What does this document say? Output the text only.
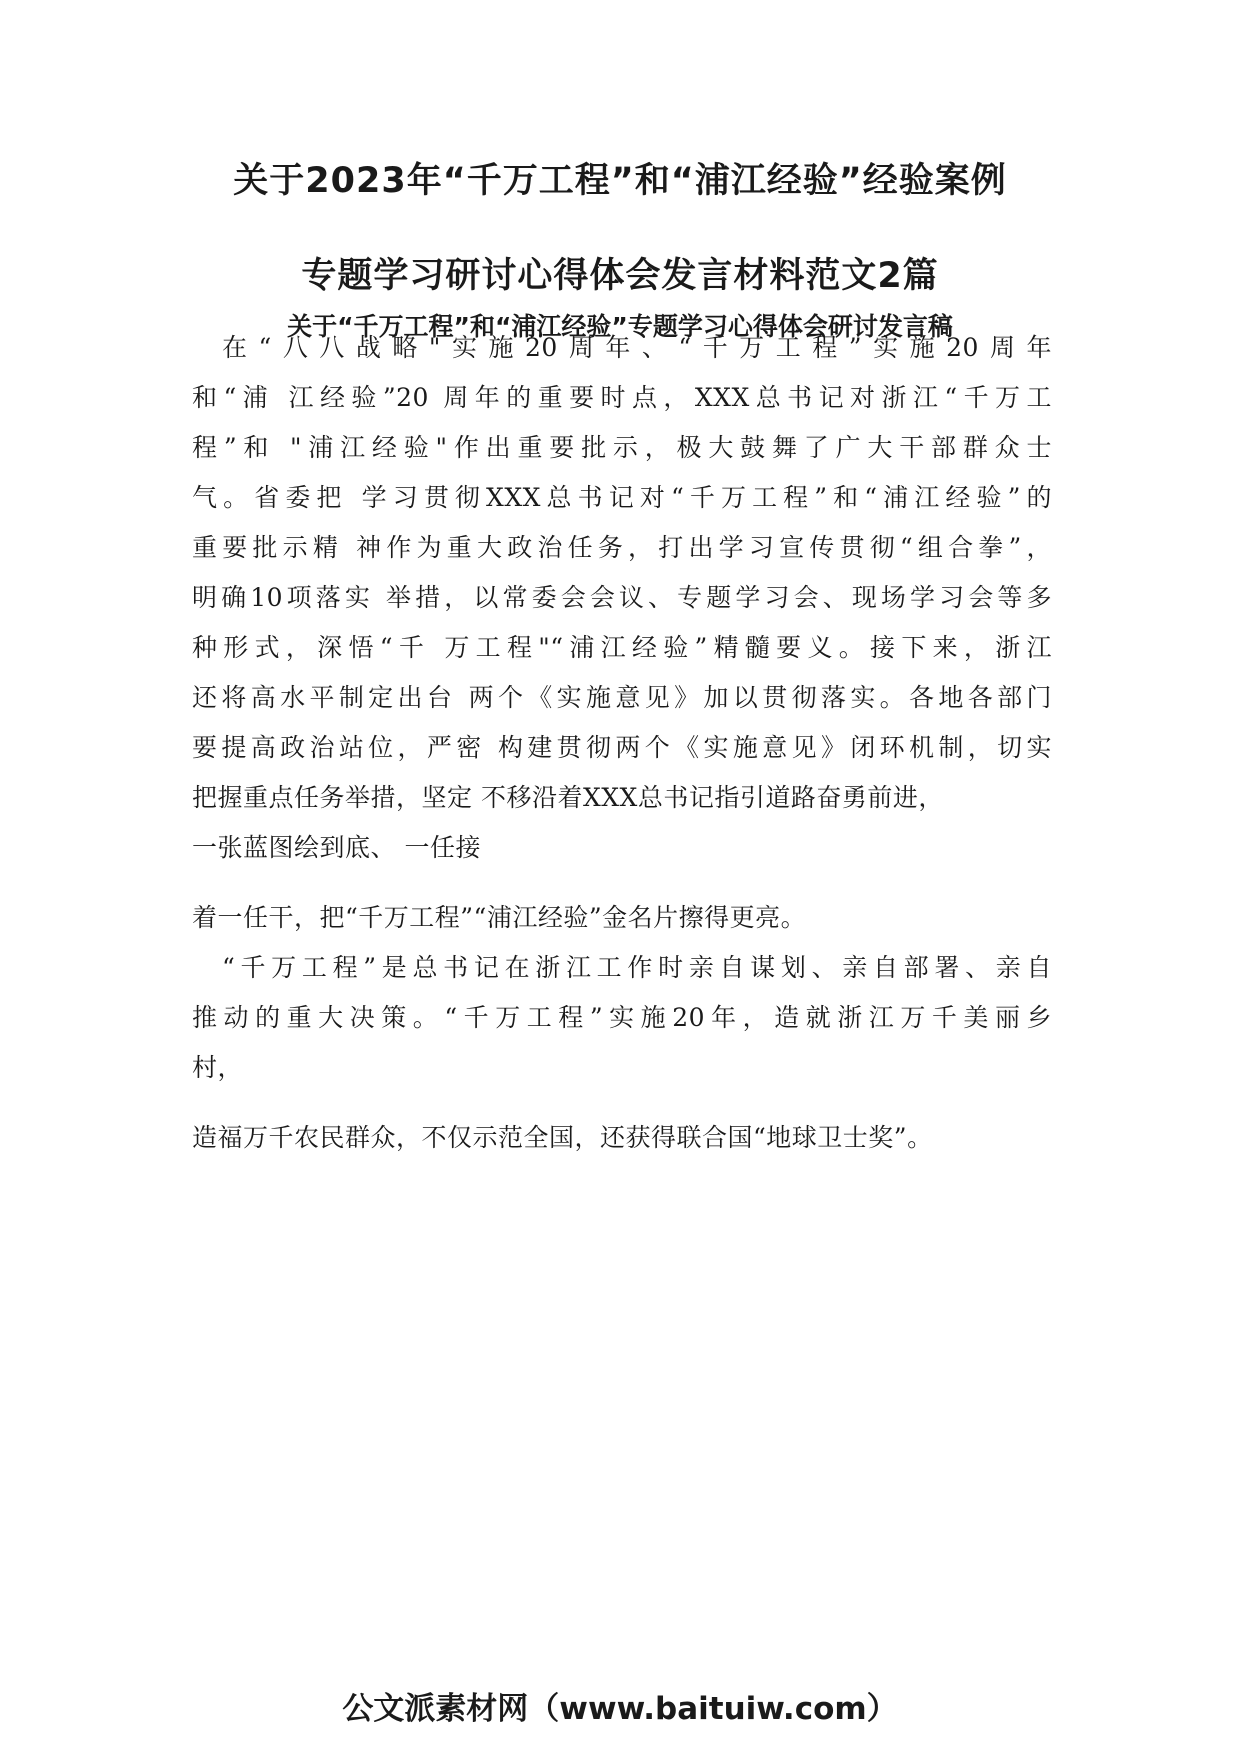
关于2023年“千万工程”和“浦江经验”经验案例
专题学习研讨心得体会发言材料范文2篇
关于“千万工程”和“浦江经验”专题学习心得体会研讨发言稿

在“八八战略"实施20周年、“千万工程”实施20周年

和“浦 江经验”20 周年的重要时点，XXX总书记对浙江“千万工

程”和 "浦江经验"作出重要批示，极大鼓舞了广大干部群众士

气。省委把 学习贯彻XXX总书记对“千万工程”和“浦江经验”的

重要批示精 神作为重大政治任务，打出学习宣传贯彻“组合拳”，

明确10项落实 举措，以常委会会议、专题学习会、现场学习会等多

种形式，深悟“千 万工程"“浦江经验”精髓要义。接下来，浙江

还将高水平制定出台 两个《实施意见》加以贯彻落实。各地各部门

要提高政治站位，严密 构建贯彻两个《实施意见》闭环机制，切实

把握重点任务举措，坚定 不移沿着XXX总书记指引道路奋勇前进，

一张蓝图绘到底、 一任接

着一任干，把“千万工程”“浦江经验”金名片擦得更亮。

“千万工程”是总书记在浙江工作时亲自谋划、亲自部署、亲自

推动的重大决策。“千万工程”实施20年，造就浙江万千美丽乡

村，

造福万千农民群众，不仅示范全国，还获得联合国“地球卫士奖”。

公文派素材网（www.baituiw.com）
